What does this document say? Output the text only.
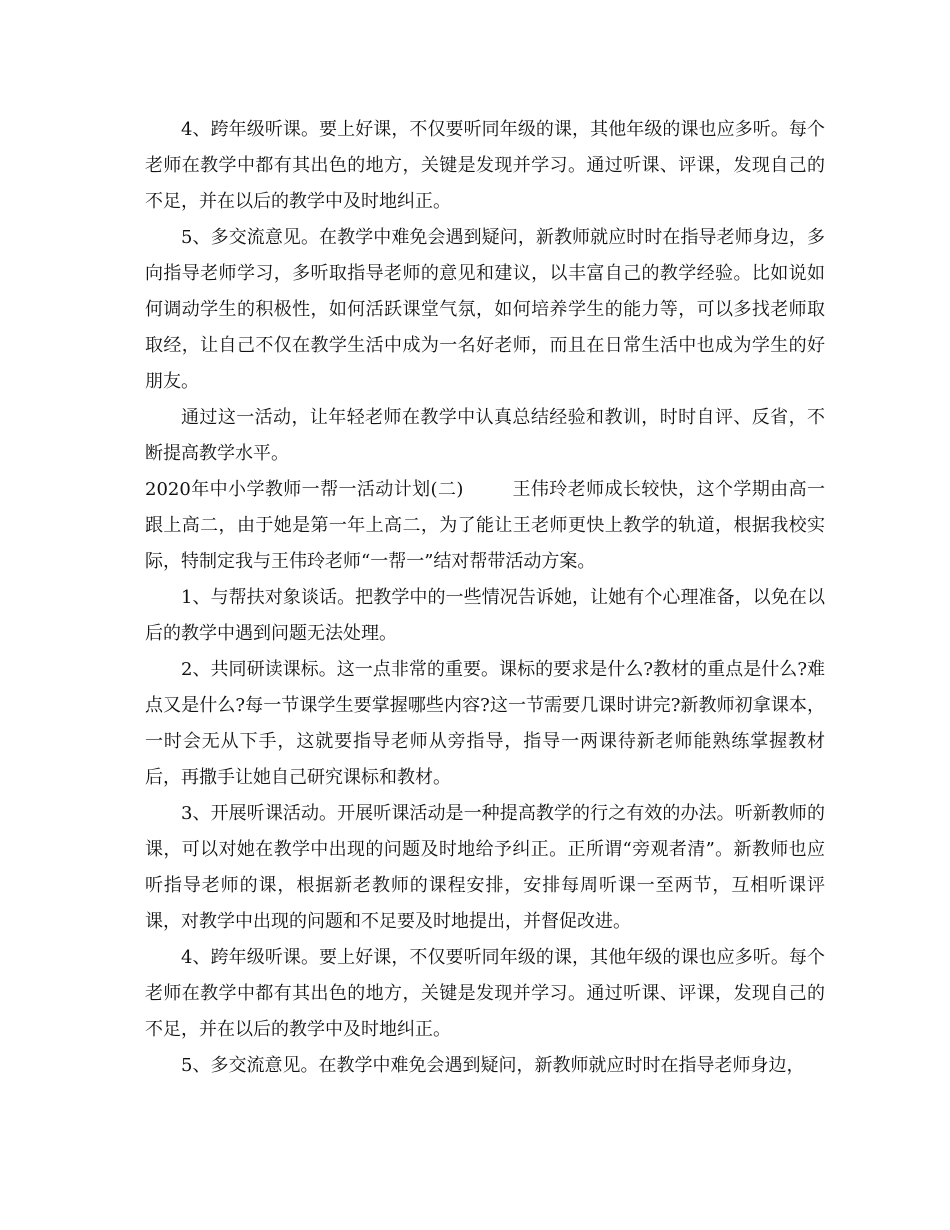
4、跨年级听课。要上好课，不仅要听同年级的课，其他年级的课也应多听。每个老师在教学中都有其出色的地方，关键是发现并学习。通过听课、评课，发现自己的不足，并在以后的教学中及时地纠正。

5、多交流意见。在教学中难免会遇到疑问，新教师就应时时在指导老师身边，多向指导老师学习，多听取指导老师的意见和建议，以丰富自己的教学经验。比如说如何调动学生的积极性，如何活跃课堂气氛，如何培养学生的能力等，可以多找老师取取经，让自己不仅在教学生活中成为一名好老师，而且在日常生活中也成为学生的好朋友。

通过这一活动，让年轻老师在教学中认真总结经验和教训，时时自评、反省，不断提高教学水平。

2020年中小学教师一帮一活动计划(二)        王伟玲老师成长较快，这个学期由高一跟上高二，由于她是第一年上高二，为了能让王老师更快上教学的轨道，根据我校实际，特制定我与王伟玲老师“一帮一”结对帮带活动方案。

1、与帮扶对象谈话。把教学中的一些情况告诉她，让她有个心理准备，以免在以后的教学中遇到问题无法处理。

2、共同研读课标。这一点非常的重要。课标的要求是什么?教材的重点是什么?难点又是什么?每一节课学生要掌握哪些内容?这一节需要几课时讲完?新教师初拿课本，一时会无从下手，这就要指导老师从旁指导，指导一两课待新老师能熟练掌握教材后，再撒手让她自己研究课标和教材。

3、开展听课活动。开展听课活动是一种提高教学的行之有效的办法。听新教师的课，可以对她在教学中出现的问题及时地给予纠正。正所谓“旁观者清”。新教师也应听指导老师的课，根据新老教师的课程安排，安排每周听课一至两节，互相听课评课，对教学中出现的问题和不足要及时地提出，并督促改进。

4、跨年级听课。要上好课，不仅要听同年级的课，其他年级的课也应多听。每个老师在教学中都有其出色的地方，关键是发现并学习。通过听课、评课，发现自己的不足，并在以后的教学中及时地纠正。

5、多交流意见。在教学中难免会遇到疑问，新教师就应时时在指导老师身边，
